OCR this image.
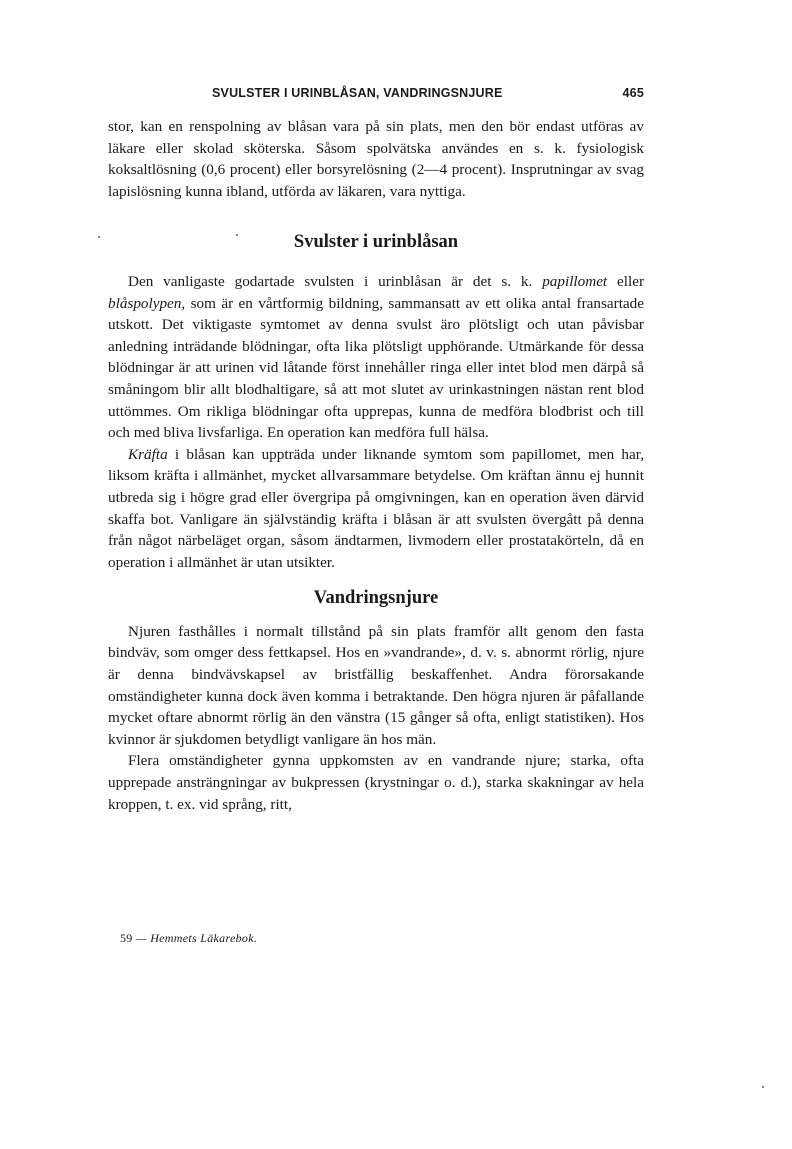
SVULSTER I URINBLÅSAN, VANDRINGSNJURE	465

stor, kan en renspolning av blåsan vara på sin plats, men den bör endast utföras av läkare eller skolad sköterska. Såsom spolvätska användes en s. k. fysiologisk koksaltlösning (0,6 procent) eller borsyrelösning (2—4 procent). Insprutningar av svag lapislösning kunna ibland, utförda av läkaren, vara nyttiga.

Svulster i urinblåsan

Den vanligaste godartade svulsten i urinblåsan är det s. k. papillomet eller blåspolypen, som är en vårtformig bildning, sammansatt av ett olika antal fransartade utskott. Det viktigaste symtomet av denna svulst äro plötsligt och utan påvisbar anledning inträdande blödningar, ofta lika plötsligt upphörande. Utmärkande för dessa blödningar är att urinen vid låtande först innehåller ringa eller intet blod men därpå så småningom blir allt blodhaltigare, så att mot slutet av urinkastningen nästan rent blod uttömmes. Om rikliga blödningar ofta upprepas, kunna de medföra blodbrist och till och med bliva livsfarliga. En operation kan medföra full hälsa.

Kräfta i blåsan kan uppträda under liknande symtom som papillomet, men har, liksom kräfta i allmänhet, mycket allvarsammare betydelse. Om kräftan ännu ej hunnit utbreda sig i högre grad eller övergripa på omgivningen, kan en operation även därvid skaffa bot. Vanligare än självständig kräfta i blåsan är att svulsten övergått på denna från något närbeläget organ, såsom ändtarmen, livmodern eller prostatakörteln, då en operation i allmänhet är utan utsikter.

Vandringsnjure

Njuren fasthålles i normalt tillstånd på sin plats framför allt genom den fasta bindväv, som omger dess fettkapsel. Hos en »vandrande», d. v. s. abnormt rörlig, njure är denna bindvävskapsel av bristfällig beskaffenhet. Andra förorsakande omständigheter kunna dock även komma i betraktande. Den högra njuren är påfallande mycket oftare abnormt rörlig än den vänstra (15 gånger så ofta, enligt statistiken). Hos kvinnor är sjukdomen betydligt vanligare än hos män.

Flera omständigheter gynna uppkomsten av en vandrande njure; starka, ofta upprepade ansträngningar av bukpressen (krystningar o. d.), starka skakningar av hela kroppen, t. ex. vid språng, ritt,

59 — Hemmets Läkarebok.
